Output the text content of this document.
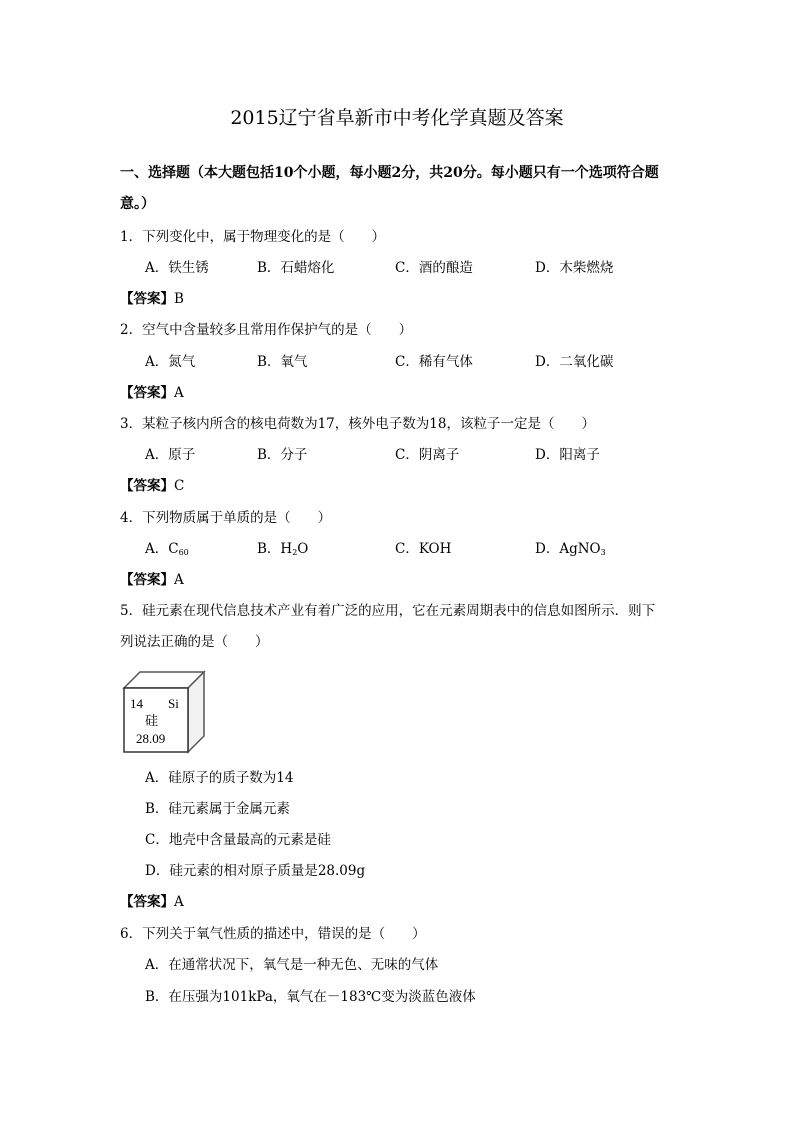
2015辽宁省阜新市中考化学真题及答案
一、选择题（本大题包括10个小题，每小题2分，共20分。每小题只有一个选项符合题意。）
1．下列变化中，属于物理变化的是（　　）
A．铁生锈	B．石蜡熔化	C．酒的酿造	D．木柴燃烧
【答案】B
2．空气中含量较多且常用作保护气的是（　　）
A．氮气	B．氧气	C．稀有气体	D．二氧化碳
【答案】A
3．某粒子核内所含的核电荷数为17，核外电子数为18，该粒子一定是（　　）
A．原子	B．分子	C．阴离子	D．阳离子
【答案】C
4．下列物质属于单质的是（　　）
A．$C_{60}$	B．$H_2O$	C．KOH	D．AgNO$_3$
【答案】A
5．硅元素在现代信息技术产业有着广泛的应用，它在元素周期表中的信息如图所示．则下
列说法正确的是（　　）
14 Si
硅
28.09
A．硅原子的质子数为14
B．硅元素属于金属元素
C．地壳中含量最高的元素是硅
D．硅元素的相对原子质量是28.09g
【答案】A
6．下列关于氧气性质的描述中，错误的是（　　）
A．在通常状况下，氧气是一种无色、无味的气体
B．在压强为101kPa，氧气在－183℃变为淡蓝色液体
